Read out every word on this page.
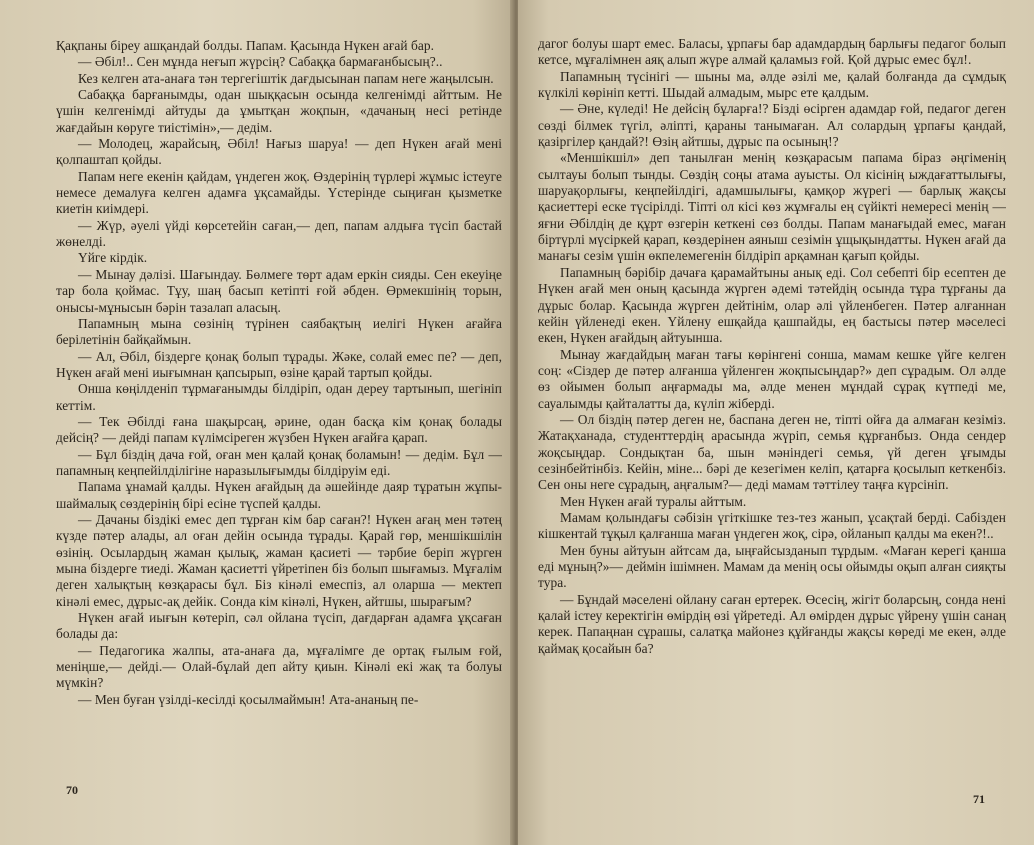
Қақпаны біреу ашқандай болды. Папам. Қасында Нүкен ағай бар.

— Әбіл!.. Сен мұнда неғып жүрсің? Сабаққа бармағанбысың?..

Кез келген ата-анаға тән тергегіштік дағдысынан папам неге жаңылсын.

Сабаққа барғанымды, одан шыққасын осында келгенімді айттым. Не үшін келгенімді айтуды да ұмытқан жоқпын, «дачаның несі ретінде жағдайын көруге тиістімін»,— дедім.

— Молодец, жарайсың, Әбіл! Нағыз шаруа! — деп Нүкен ағай мені қолпаштап қойды.

Папам неге екенін қайдам, үндеген жоқ. Өздерінің түрлері жұмыс істеуге немесе демалуға келген адамға ұқсамайды. Үстерінде сыңиған қызметке киетін киімдері.

— Жүр, әуелі үйді көрсетейін саған,— деп, папам алдыға түсіп бастай жөнелді.

Үйге кірдік.

— Мынау дәлізі. Шағындау. Бөлмеге төрт адам еркін сияды. Сен екеуіңе тар бола қоймас. Тұу, шаң басып кетіпті ғой әбден. Өрмекшінің торын, оныcы-мұнысын бәрін тазалап аласың.

Папамның мына сөзінің түрінен саябақтың иелігі Нүкен ағайға берілетінін байқаймын.

— Ал, Әбіл, біздерге қонақ болып тұрады. Жәке, солай емес пе? — деп, Нүкен ағай мені иығымнан қапсырып, өзіне қарай тартып қойды.

Онша көңілденіп тұрмағанымды білдіріп, одан дереу тартынып, шегініп кеттім.

— Тек Әбілді ғана шақырсаң, әрине, одан басқа кім қонақ болады дейсің? — дейді папам күлімсіреген жүзбен Нүкен ағайға қарап.

— Бұл біздің дача ғой, оған мен қалай қонақ боламын! — дедім. Бұл — папамның кеңпейілділігіне наразылығымды білдіруім еді.

Папама ұнамай қалды. Нүкен ағайдың да әшейінде даяр тұратын жұпы-шаймалық сөздерінің бірі есіне түспей қалды.

— Дачаны біздікі емес деп тұрған кім бар саған?! Нүкен ағаң мен тәтең күзде пәтер алады, ал оған дейін осында тұрады. Қарай гөр, меншікшілін өзінің. Осылардың жаман қылық, жаман қасиеті — тәрбие беріп жүрген мына біздерге тиеді. Жаман қасиетті үйретіпен біз болып шығамыз. Мұғалім деген халықтың көзқарасы бұл. Біз кінәлі емеспіз, ал оларша — мектеп кінәлі емес, дұрыс-ақ дейік. Сонда кім кінәлі, Нүкен, айтшы, шырағым?

Нүкен ағай иығын көтеріп, сәл ойлана түсіп, дағдарған адамға ұқсаған болады да:

— Педагогика жалпы, ата-анаға да, мұғалімге де ортақ ғылым ғой, меніңше,— дейді.— Олай-бұлай деп айту қиын. Кінәлі екі жақ та болуы мүмкін?

— Мен буған үзілді-кесілді қосылмаймын! Ата-ананың пе-

70

дагог болуы шарт емес. Баласы, ұрпағы бар адамдардың барлығы педагог болып кетсе, мұғалімнен аяқ алып жүре алмай қаламыз ғой. Қой дұрыс емес бұл!.

Папамның түсінігі — шыны ма, әлде әзілі ме, қалай болғанда да сұмдық күлкілі көрініп кетті. Шыдай алмадым, мырс ете қалдым.

— Әне, күледі! Не дейсің бұларға!? Бізді өсірген адамдар ғой, педагог деген сөзді білмек түгіл, әліпті, қараны танымаған. Ал солардың ұрпағы қандай, қазіргілер қандай?! Өзің айтшы, дұрыс па осының!?

«Меншікшіл» деп танылған менің көзқарасым папама біраз әңгіменің сылтауы болып тынды. Сөздің соңы атама ауысты. Ол кісінің ыждағаттылығы, шаруақорлығы, кеңпейілдігі, адамшылығы, қамқор жүрегі — барлық жақсы қасиеттері еске түсірілді. Тіпті ол кісі көз жұмғалы ең сүйікті немересі менің — яғни Әбілдің де құрт өзгерін кеткені сөз болды. Папам манағыдай емес, маған біртүрлі мүсіркей қарап, көздерінен аяныш сезімін ұщықындатты. Нүкен ағай да манағы сезім үшін өкпелемегенін білдіріп арқамнан қағып қойды.

Папамның бәрібір дачаға қарамайтыны анық еді. Сол себепті бір есептен де Нүкен ағай мен оның қасында жүрген әдемі тәтейдің осында тұра тұрғаны да дұрыс болар. Қасында жүрген дейтінім, олар әлі үйленбеген. Пәтер алғаннан кейін үйленеді екен. Үйлену ешқайда қашпайды, ең бастысы пәтер мәселесі екен, Нүкен ағайдың айтуынша.

Мынау жағдайдың маған тағы көрінгені сонша, мамам кешке үйге келген соң: «Сіздер де пәтер алғанша үйленген жоқпыcыңдар?» деп сұрадым. Ол әлде өз ойымен болып аңғармады ма, әлде менен мұндай сұрақ күтпеді ме, сауалымды қайталатты да, күліп жіберді.

— Ол біздің пәтер деген не, баспана деген не, тіпті ойға да алмаған кезіміз. Жатақханада, студенттердің арасында жүріп, семья құрғанбыз. Онда сендер жоқсыңдар. Сондықтан ба, шын мәніндегі семья, үй деген ұғымды сезінбейтінбіз. Кейін, міне... бәрі де кезегімен келіп, қатарға қосылып кеткенбіз. Сен оны неге сұрадың, аңғалым?— деді мамам тәттілеу таңға күрсініп.

Мен Нүкен ағай туралы айттым.

Мамам қолындағы сәбізін үгіткішке тез-тез жанып, ұсақтай берді. Сабізден кішкентай тұқыл қалғанша маған үндеген жоқ, сірә, ойланып қалды ма екен?!..

Мен буны айтуын айтсам да, ыңғайсызданып тұрдым. «Маған керегі қанша еді мұның?»— деймін ішімнен. Мамам да менің осы ойымды оқып алған сияқты тура.

— Бұндай мәселені ойлану саған ертерек. Өсесің, жігіт боларсың, сонда нені қалай істеу керектігін өмірдің өзі үйретеді. Ал өмірден дұрыс үйрену үшін санаң керек. Папаңнан сұрашы, салатқа майонез құйғанды жақсы көреді ме екен, әлде қаймақ қосайын ба?

71
